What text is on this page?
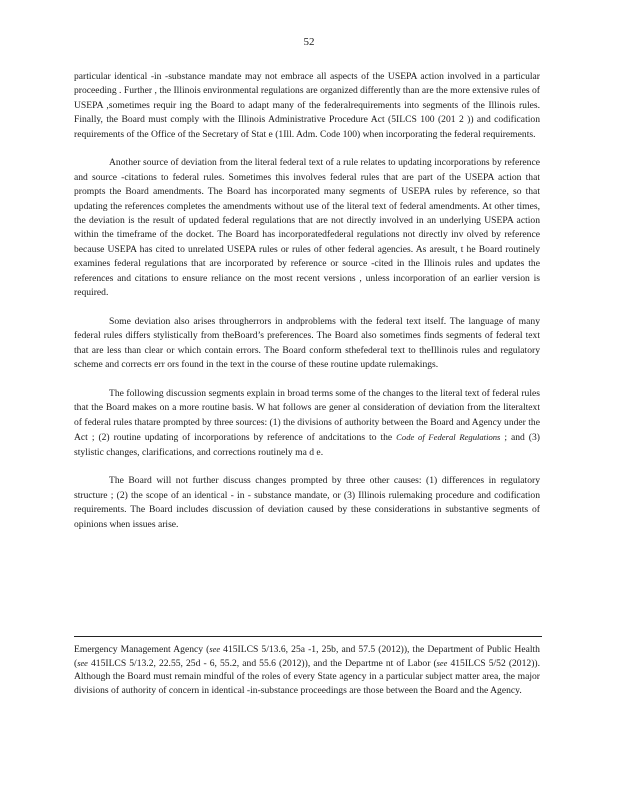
52

particular identical -in -substance mandate may not embrace all aspects of the USEPA action involved in a particular proceeding . Further , the Illinois environmental regulations are organized differently than are the more extensive rules of USEPA ,sometimes requir ing the Board to adapt many of the federalrequirements into segments of the Illinois rules. Finally, the Board must comply with the Illinois Administrative Procedure Act (5ILCS 100 (201 2 )) and codification requirements of the Office of the Secretary of Stat e (1Ill. Adm. Code 100) when incorporating the federal requirements.

Another source of deviation from the literal federal text of a rule relates to updating incorporations by reference and source -citations to federal rules. Sometimes this involves federal rules that are part of the USEPA action that prompts the Board amendments. The Board has incorporated many segments of USEPA rules by reference, so that updating the references completes the amendments without use of the literal text of federal amendments. At other times, the deviation is the result of updated federal regulations that are not directly involved in an underlying USEPA action within the timeframe of the docket. The Board has incorporatedfederal regulations not directly inv olved by reference because USEPA has cited to unrelated USEPA rules or rules of other federal agencies. As aresult, t he Board routinely examines federal regulations that are incorporated by reference or source -cited in the Illinois rules and updates the references and citations to ensure reliance on the most recent versions , unless incorporation of an earlier version is required.

Some deviation also arises througherrors in andproblems with the federal text itself. The language of many federal rules differs stylistically from theBoard’s preferences. The Board also sometimes finds segments of federal text that are less than clear or which contain errors. The Board conform sthefederal text to theIllinois rules and regulatory scheme and corrects err ors found in the text in the course of these routine update rulemakings.

The following discussion segments explain in broad terms some of the changes to the literal text of federal rules that the Board makes on a more routine basis. W hat follows are gener al consideration of deviation from the literaltext of federal rules thatare prompted by three sources: (1) the divisions of authority between the Board and Agency under the Act ; (2) routine updating of incorporations by reference of andcitations to the Code of Federal Regulations ; and (3) stylistic changes, clarifications, and corrections routinely ma d e.

The Board will not further discuss changes prompted by three other causes: (1) differences in regulatory structure ; (2) the scope of an identical - in - substance mandate, or (3) Illinois rulemaking procedure and codification requirements. The Board includes discussion of deviation caused by these considerations in substantive segments of opinions when issues arise.

Emergency Management Agency (see 415ILCS 5/13.6, 25a -1, 25b, and 57.5 (2012)), the Department of Public Health (see 415ILCS 5/13.2, 22.55, 25d - 6, 55.2, and 55.6 (2012)), and the Departme nt of Labor (see 415ILCS 5/52 (2012)). Although the Board must remain mindful of the roles of every State agency in a particular subject matter area, the major divisions of authority of concern in identical -in-substance proceedings are those between the Board and the Agency.
